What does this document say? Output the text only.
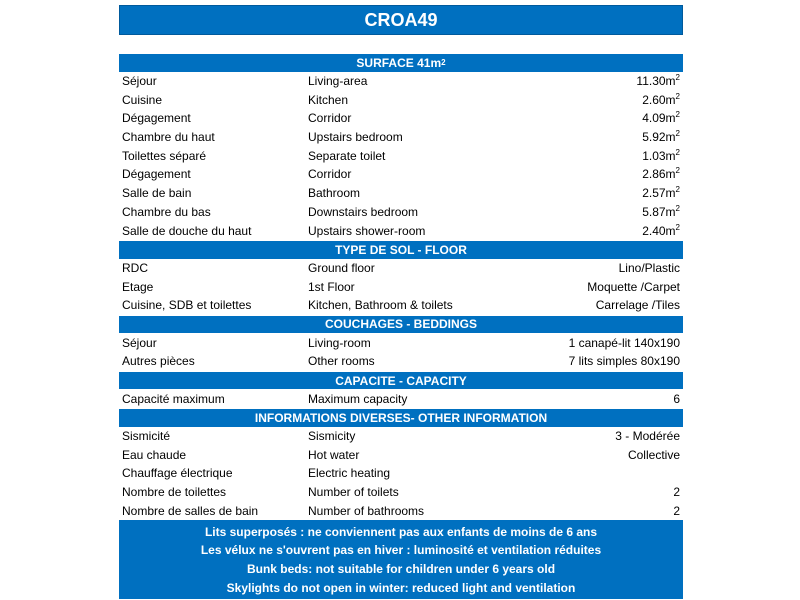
CROA49
SURFACE 41m 2
Séjour	Living-area	$11.30m^2$
Cuisine	Kitchen	$2.60m^2$
Dégagement	Corridor	$4.09m^2$
Chambre du haut	Upstairs bedroom	$5.92m^2$
Toilettes séparé	Separate toilet	$1.03m^2$
Dégagement	Corridor	$2.86m^2$
Salle de bain	Bathroom	$2.57m^2$
Chambre du bas	Downstairs bedroom	$5.87m^2$
Salle de douche du haut	Upstairs shower-room	$2.40m^2$
TYPE DE SOL - FLOOR
RDC	Ground floor	Lino/Plastic
Etage	1st Floor	Moquette /Carpet
Cuisine, SDB et toilettes	Kitchen, Bathroom & toilets	Carrelage /Tiles
COUCHAGES - BEDDINGS
Séjour	Living-room	1 canapé-lit 140x190
Autres pièces	Other rooms	7 lits simples 80x190
CAPACITE - CAPACITY
Capacité maximum	Maximum capacity	6
INFORMATIONS DIVERSES- OTHER INFORMATION
Sismicité	Sismicity	3 - Modérée
Eau chaude	Hot water	Collective
Chauffage électrique	Electric heating
Nombre de toilettes	Number of toilets	2
Nombre de salles de bain	Number of bathrooms	2
Lits superposés : ne conviennent pas aux enfants de moins de 6 ans
Les vélux ne s'ouvrent pas en hiver : luminosité et ventilation réduites
Bunk beds: not suitable for children under 6 years old
Skylights do not open in winter: reduced light and ventilation
